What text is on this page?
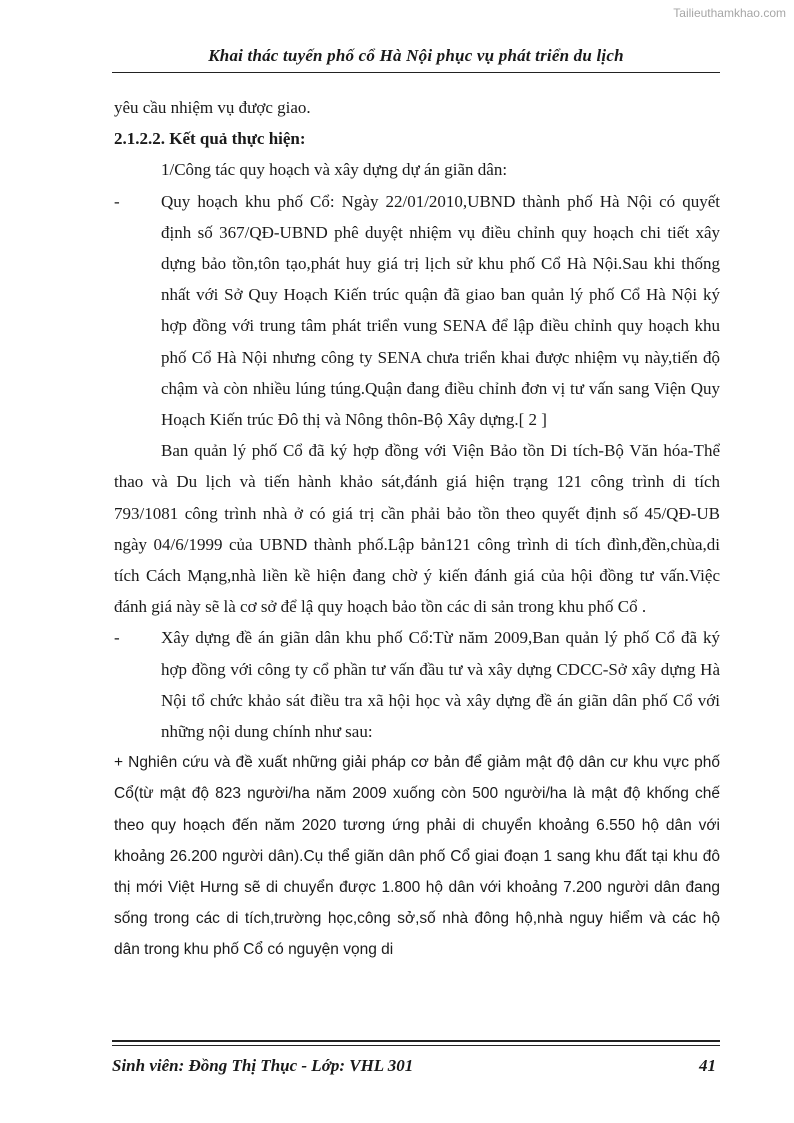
Tailieuthamkhao.com
Khai thác tuyến phố cổ Hà Nội phục vụ phát triển du lịch

yêu cầu nhiệm vụ được giao.

2.1.2.2. Kết quả thực hiện:

1/Công tác quy hoạch và xây dựng dự án giãn dân:

- Quy hoạch khu phố Cổ: Ngày 22/01/2010,UBND thành phố Hà Nội có quyết định số 367/QĐ-UBND phê duyệt nhiệm vụ điều chỉnh quy hoạch chi tiết xây dựng bảo tồn,tôn tạo,phát huy giá trị lịch sử khu phố Cổ Hà Nội.Sau khi thống nhất với Sở Quy Hoạch Kiến trúc quận đã giao ban quản lý phố Cổ Hà Nội ký hợp đồng với trung tâm phát triển vung SENA để lập điều chỉnh quy hoạch khu phố Cổ Hà Nội nhưng công ty SENA chưa triển khai được nhiệm vụ này,tiến độ chậm và còn nhiều lúng túng.Quận đang điều chỉnh đơn vị tư vấn sang Viện Quy Hoạch Kiến trúc Đô thị và Nông thôn-Bộ Xây dựng.[ 2 ]

Ban quản lý phố Cổ đã ký hợp đồng với Viện Bảo tồn Di tích-Bộ Văn hóa-Thể thao và Du lịch và tiến hành khảo sát,đánh giá hiện trạng 121 công trình di tích 793/1081 công trình nhà ở có giá trị cần phải bảo tồn theo quyết định số 45/QĐ-UB ngày 04/6/1999 của UBND thành phố.Lập bản121 công trình di tích đình,đền,chùa,di tích Cách Mạng,nhà liền kề hiện đang chờ ý kiến đánh giá của hội đồng tư vấn.Việc đánh giá này sẽ là cơ sở để lậ quy hoạch bảo tồn các di sản trong khu phố Cổ .

- Xây dựng đề án giãn dân khu phố Cổ:Từ năm 2009,Ban quản lý phố Cổ đã ký hợp đồng với công ty cổ phần tư vấn đầu tư và xây dựng CDCC-Sở xây dựng Hà Nội tổ chức khảo sát điều tra xã hội học và xây dựng đề án giãn dân phố Cổ với những nội dung chính như sau:

+ Nghiên cứu và đề xuất những giải pháp cơ bản để giảm mật độ dân cư khu vực phố Cổ(từ mật độ 823 người/ha năm 2009 xuống còn 500 người/ha là mật độ khống chế theo quy hoạch đến năm 2020 tương ứng phải di chuyển khoảng 6.550 hộ dân với khoảng 26.200 người dân).Cụ thể giãn dân phố Cổ giai đoạn 1 sang khu đất tại khu đô thị mới Việt Hưng sẽ di chuyển được 1.800 hộ dân với khoảng 7.200 người dân đang sống trong các di tích,trường học,công sở,số nhà đông hộ,nhà nguy hiểm và các hộ dân trong khu phố Cổ có nguyện vọng di

Sinh viên: Đồng Thị Thục - Lớp: VHL 301	41
